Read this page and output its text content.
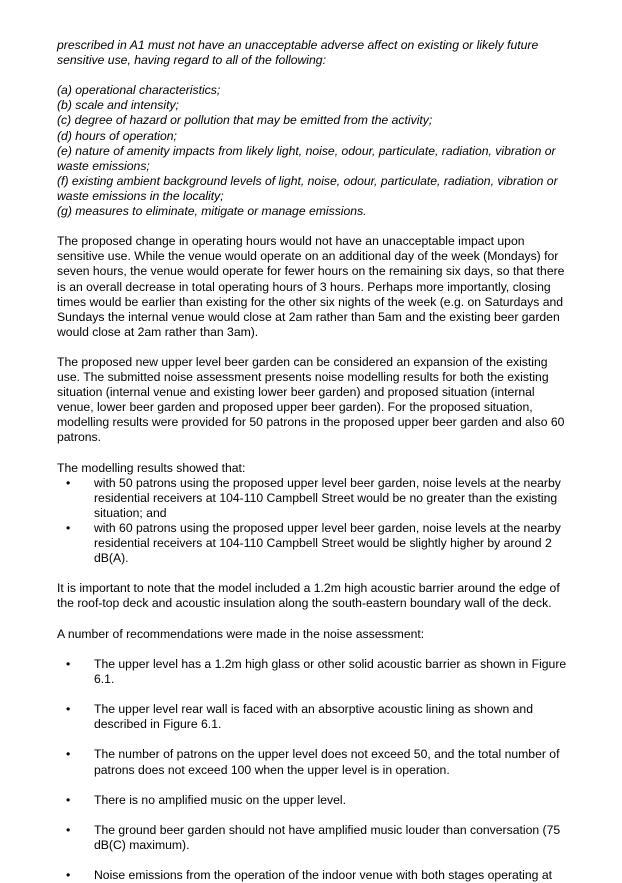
prescribed in A1 must not have an unacceptable adverse affect on existing or likely future sensitive use, having regard to all of the following:

(a) operational characteristics;

(b) scale and intensity;

(c) degree of hazard or pollution that may be emitted from the activity;

(d) hours of operation;

(e) nature of amenity impacts from likely light, noise, odour, particulate, radiation, vibration or waste emissions;

(f) existing ambient background levels of light, noise, odour, particulate, radiation, vibration or waste emissions in the locality;

(g) measures to eliminate, mitigate or manage emissions.

The proposed change in operating hours would not have an unacceptable impact upon sensitive use. While the venue would operate on an additional day of the week (Mondays) for seven hours, the venue would operate for fewer hours on the remaining six days, so that there is an overall decrease in total operating hours of 3 hours. Perhaps more importantly, closing times would be earlier than existing for the other six nights of the week (e.g. on Saturdays and Sundays the internal venue would close at 2am rather than 5am and the existing beer garden would close at 2am rather than 3am).

The proposed new upper level beer garden can be considered an expansion of the existing use. The submitted noise assessment presents noise modelling results for both the existing situation (internal venue and existing lower beer garden) and proposed situation (internal venue, lower beer garden and proposed upper beer garden). For the proposed situation, modelling results were provided for 50 patrons in the proposed upper beer garden and also 60 patrons.

The modelling results showed that:

• with 50 patrons using the proposed upper level beer garden, noise levels at the nearby residential receivers at 104-110 Campbell Street would be no greater than the existing situation; and

• with 60 patrons using the proposed upper level beer garden, noise levels at the nearby residential receivers at 104-110 Campbell Street would be slightly higher by around 2 dB(A).

It is important to note that the model included a 1.2m high acoustic barrier around the edge of the roof-top deck and acoustic insulation along the south-eastern boundary wall of the deck.

A number of recommendations were made in the noise assessment:

• The upper level has a 1.2m high glass or other solid acoustic barrier as shown in Figure 6.1.

• The upper level rear wall is faced with an absorptive acoustic lining as shown and described in Figure 6.1.

• The number of patrons on the upper level does not exceed 50, and the total number of patrons does not exceed 100 when the upper level is in operation.

• There is no amplified music on the upper level.

• The ground beer garden should not have amplified music louder than conversation (75 dB(C) maximum).

• Noise emissions from the operation of the indoor venue with both stages operating at
